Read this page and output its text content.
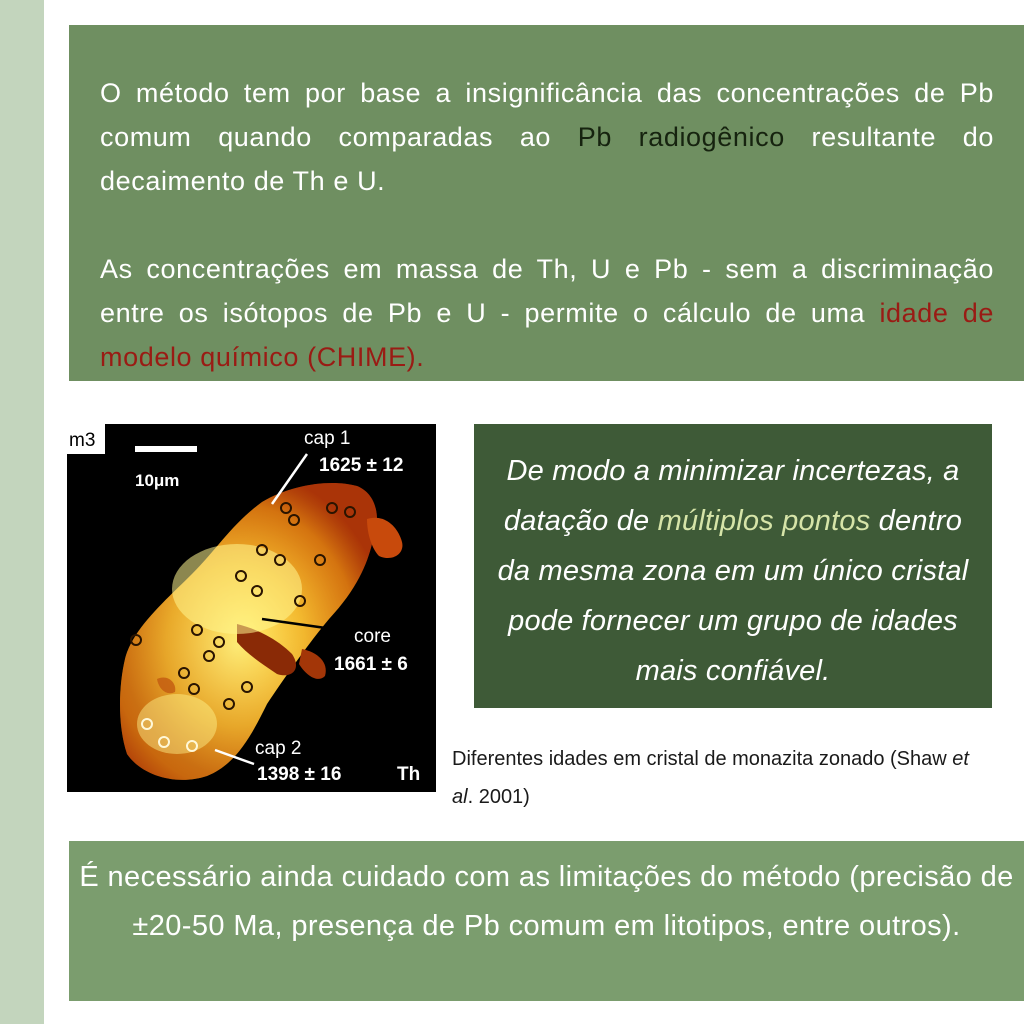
O método tem por base a insignificância das concentrações de Pb comum quando comparadas ao Pb radiogênico resultante do decaimento de Th e U.

As concentrações em massa de Th, U e Pb - sem a discriminação entre os isótopos de Pb e U - permite o cálculo de uma idade de modelo químico (CHIME).

10μm
m3	cap 1
1625 ± 12
core
1661 ± 6
cap 2
1398 ± 16	Th
De modo a minimizar incertezas, a datação de múltiplos pontos dentro da mesma zona em um único cristal pode fornecer um grupo de idades mais confiável.
Diferentes idades em cristal de monazita zonado (Shaw et al. 2001)
É necessário ainda cuidado com as limitações do método (precisão de ±20-50 Ma, presença de Pb comum em litotipos, entre outros).
